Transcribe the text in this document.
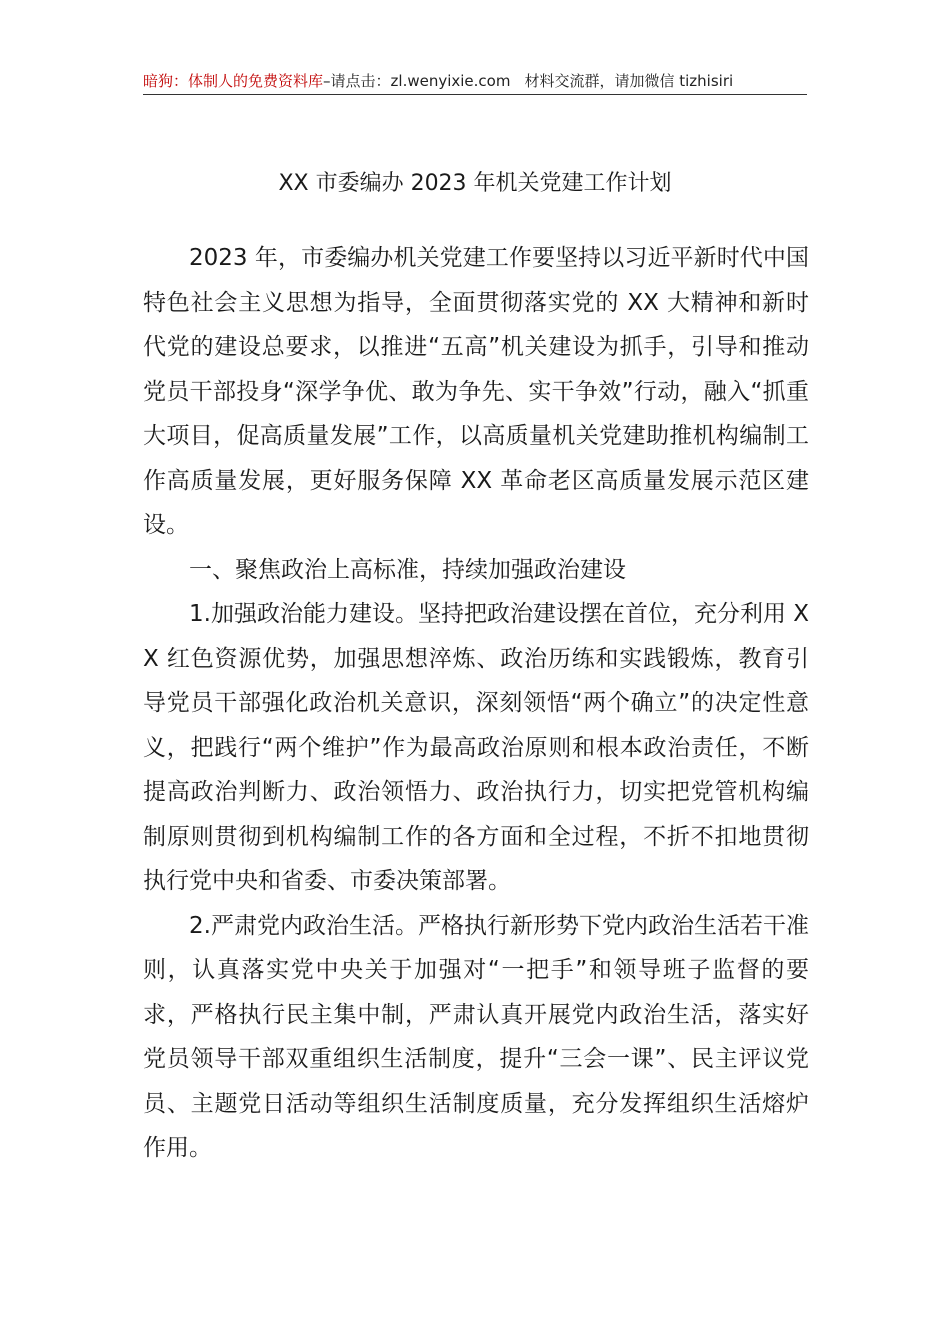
暗狗：体制人的免费资料库–请点击：zl.wenyixie.com 材料交流群，请加微信 tizhisiri
XX 市委编办 2023 年机关党建工作计划

2023 年，市委编办机关党建工作要坚持以习近平新时代中国特色社会主义思想为指导，全面贯彻落实党的 XX 大精神和新时代党的建设总要求，以推进“五高”机关建设为抓手，引导和推动党员干部投身“深学争优、敢为争先、实干争效”行动，融入“抓重大项目，促高质量发展”工作，以高质量机关党建助推机构编制工作高质量发展，更好服务保障 XX 革命老区高质量发展示范区建设。

一、聚焦政治上高标准，持续加强政治建设

1.加强政治能力建设。坚持把政治建设摆在首位，充分利用 XX 红色资源优势，加强思想淬炼、政治历练和实践锻炼，教育引导党员干部强化政治机关意识，深刻领悟“两个确立”的决定性意义，把践行“两个维护”作为最高政治原则和根本政治责任，不断提高政治判断力、政治领悟力、政治执行力，切实把党管机构编制原则贯彻到机构编制工作的各方面和全过程，不折不扣地贯彻执行党中央和省委、市委决策部署。

2.严肃党内政治生活。严格执行新形势下党内政治生活若干准则，认真落实党中央关于加强对“一把手”和领导班子监督的要求，严格执行民主集中制，严肃认真开展党内政治生活，落实好党员领导干部双重组织生活制度，提升“三会一课”、民主评议党员、主题党日活动等组织生活制度质量，充分发挥组织生活熔炉作用。
